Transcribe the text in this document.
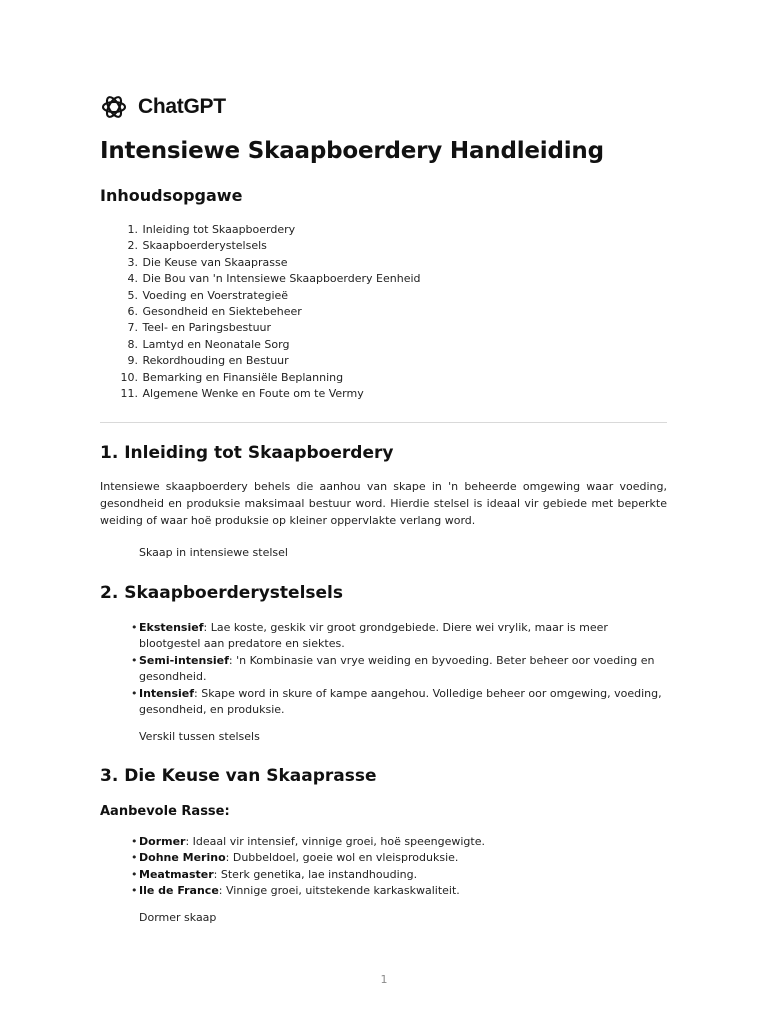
ChatGPT
Intensiewe Skaapboerdery Handleiding
Inhoudsopgawe
1.
Inleiding tot Skaapboerdery
2.
Skaapboerderystelsels
3.
Die Keuse van Skaaprasse
4.
Die Bou van 'n Intensiewe Skaapboerdery Eenheid
5.
Voeding en Voerstrategieë
6.
Gesondheid en Siektebeheer
7.
Teel- en Paringsbestuur
8.
Lamtyd en Neonatale Sorg
9.
Rekordhouding en Bestuur
10.
Bemarking en Finansiële Beplanning
11.
Algemene Wenke en Foute om te Vermy
1. Inleiding tot Skaapboerdery

Intensiewe skaapboerdery behels die aanhou van skape in 'n beheerde omgewing waar voeding, gesondheid en produksie maksimaal bestuur word. Hierdie stelsel is ideaal vir gebiede met beperkte weiding of waar hoë produksie op kleiner oppervlakte verlang word.

Skaap in intensiewe stelsel

2. Skaapboerderystelsels
• Ekstensief: Lae koste, geskik vir groot grondgebiede. Diere wei vrylik, maar is meer blootgestel aan predatore en siektes.
• Semi-intensief: 'n Kombinasie van vrye weiding en byvoeding. Beter beheer oor voeding en gesondheid.
• Intensief: Skape word in skure of kampe aangehou. Volledige beheer oor omgewing, voeding, gesondheid, en produksie.

Verskil tussen stelsels

3. Die Keuse van Skaaprasse
Aanbevole Rasse:
• Dormer: Ideaal vir intensief, vinnige groei, hoë speengewigte.
• Dohne Merino: Dubbeldoel, goeie wol en vleisproduksie.
• Meatmaster: Sterk genetika, lae instandhouding.
• Ile de France: Vinnige groei, uitstekende karkaskwaliteit.

Dormer skaap

1
